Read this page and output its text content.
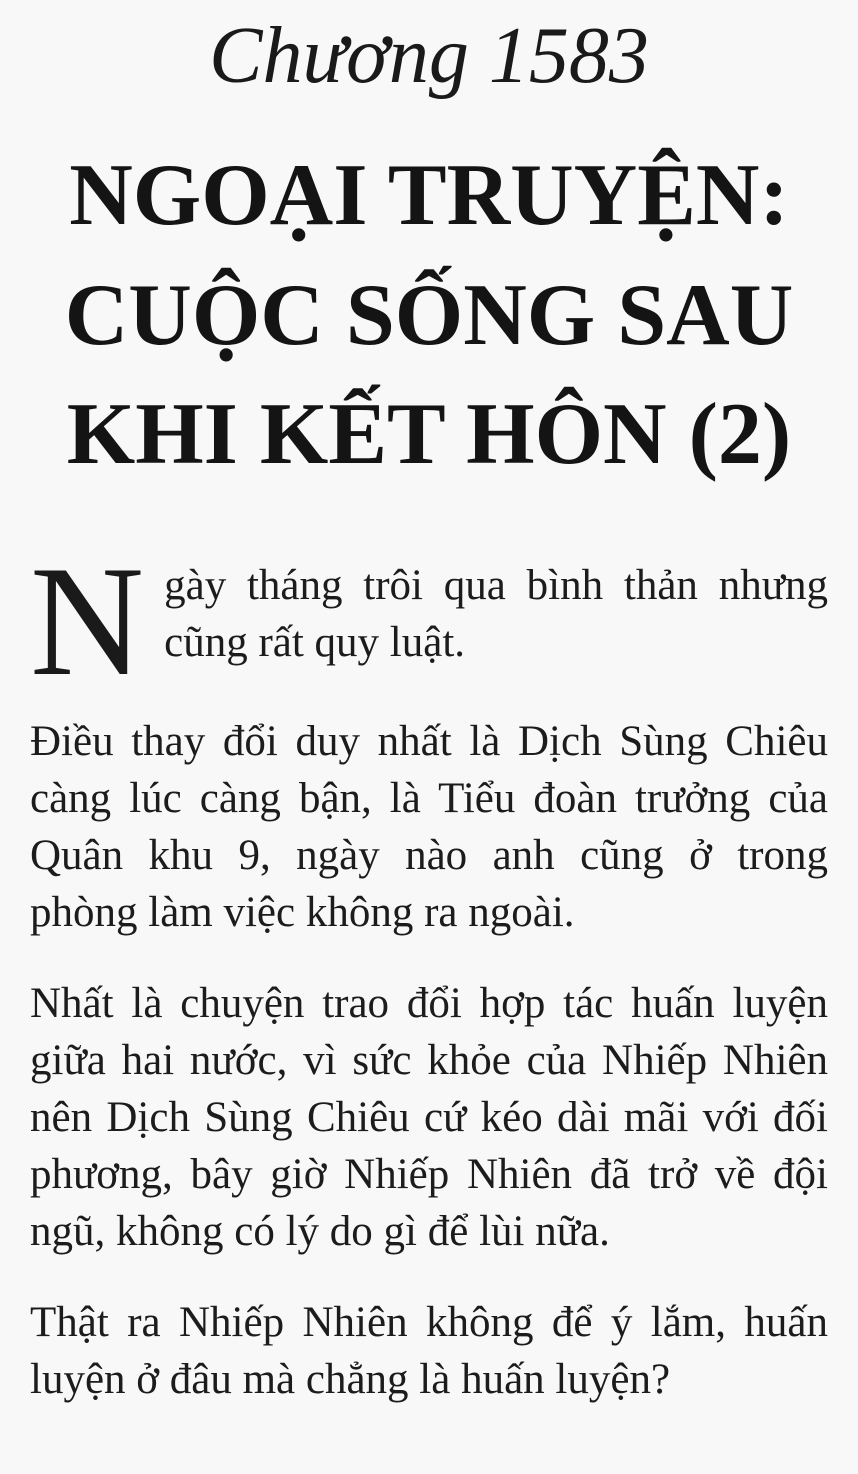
Chương 1583
NGOẠI TRUYỆN:
CUỘC SỐNG SAU
KHI KẾT HÔN (2)

Ngày tháng trôi qua bình thản nhưng cũng rất quy luật.

Điều thay đổi duy nhất là Dịch Sùng Chiêu càng lúc càng bận, là Tiểu đoàn trưởng của Quân khu 9, ngày nào anh cũng ở trong phòng làm việc không ra ngoài.

Nhất là chuyện trao đổi hợp tác huấn luyện giữa hai nước, vì sức khỏe của Nhiếp Nhiên nên Dịch Sùng Chiêu cứ kéo dài mãi với đối phương, bây giờ Nhiếp Nhiên đã trở về đội ngũ, không có lý do gì để lùi nữa.

Thật ra Nhiếp Nhiên không để ý lắm, huấn luyện ở đâu mà chẳng là huấn luyện?
